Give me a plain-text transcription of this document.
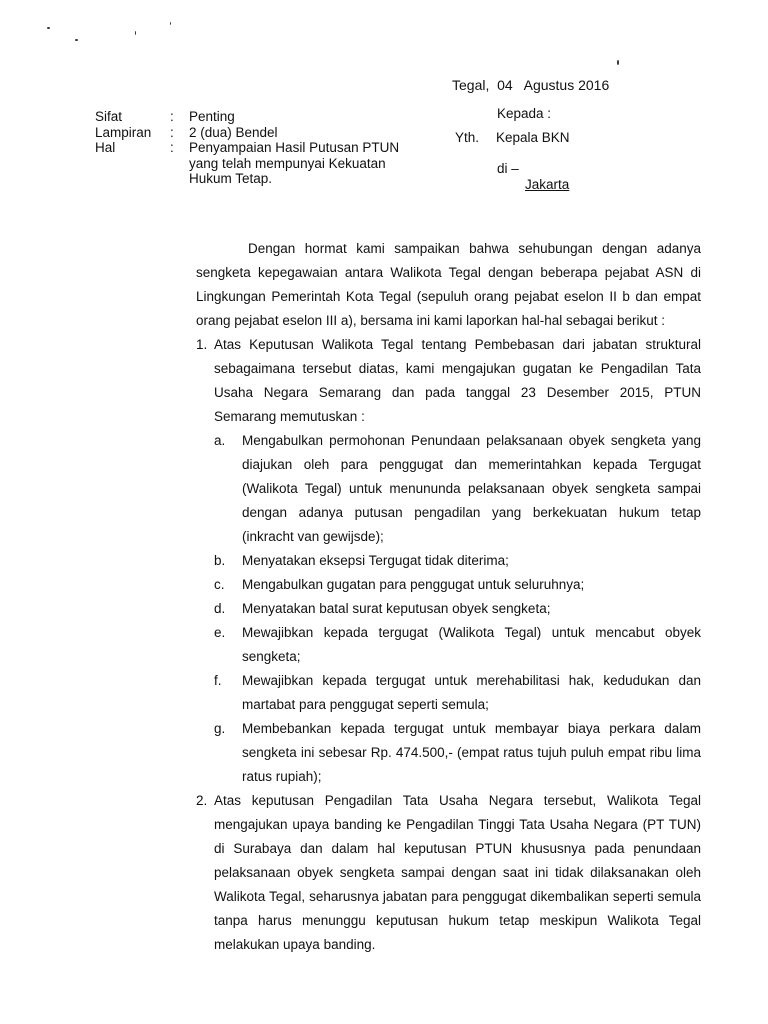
Tegal, 04 Agustus 2016
Sifat	:	Penting
Lampiran	:	2 (dua) Bendel
Hal	:	Penyampaian Hasil Putusan PTUN yang telah mempunyai Kekuatan Hukum Tetap.
Kepada :
Yth. Kepala BKN
di –
Jakarta

Dengan hormat kami sampaikan bahwa sehubungan dengan adanya sengketa kepegawaian antara Walikota Tegal dengan beberapa pejabat ASN di Lingkungan Pemerintah Kota Tegal (sepuluh orang pejabat eselon II b dan empat orang pejabat eselon III a), bersama ini kami laporkan hal-hal sebagai berikut :

1. Atas Keputusan Walikota Tegal tentang Pembebasan dari jabatan struktural sebagaimana tersebut diatas, kami mengajukan gugatan ke Pengadilan Tata Usaha Negara Semarang dan pada tanggal 23 Desember 2015, PTUN Semarang memutuskan :
a.	Mengabulkan permohonan Penundaan pelaksanaan obyek sengketa yang diajukan oleh para penggugat dan memerintahkan kepada Tergugat (Walikota Tegal) untuk menununda pelaksanaan obyek sengketa sampai dengan adanya putusan pengadilan yang berkekuatan hukum tetap (inkracht van gewijsde);
b.	Menyatakan eksepsi Tergugat tidak diterima;
c.	Mengabulkan gugatan para penggugat untuk seluruhnya;
d.	Menyatakan batal surat keputusan obyek sengketa;
e.	Mewajibkan kepada tergugat (Walikota Tegal) untuk mencabut obyek sengketa;
f.	Mewajibkan kepada tergugat untuk merehabilitasi hak, kedudukan dan martabat para penggugat seperti semula;
g.	Membebankan kepada tergugat untuk membayar biaya perkara dalam sengketa ini sebesar Rp. 474.500,- (empat ratus tujuh puluh empat ribu lima ratus rupiah);
2. Atas keputusan Pengadilan Tata Usaha Negara tersebut, Walikota Tegal mengajukan upaya banding ke Pengadilan Tinggi Tata Usaha Negara (PT TUN) di Surabaya dan dalam hal keputusan PTUN khususnya pada penundaan pelaksanaan obyek sengketa sampai dengan saat ini tidak dilaksanakan oleh Walikota Tegal, seharusnya jabatan para penggugat dikembalikan seperti semula tanpa harus menunggu keputusan hukum tetap meskipun Walikota Tegal melakukan upaya banding.
